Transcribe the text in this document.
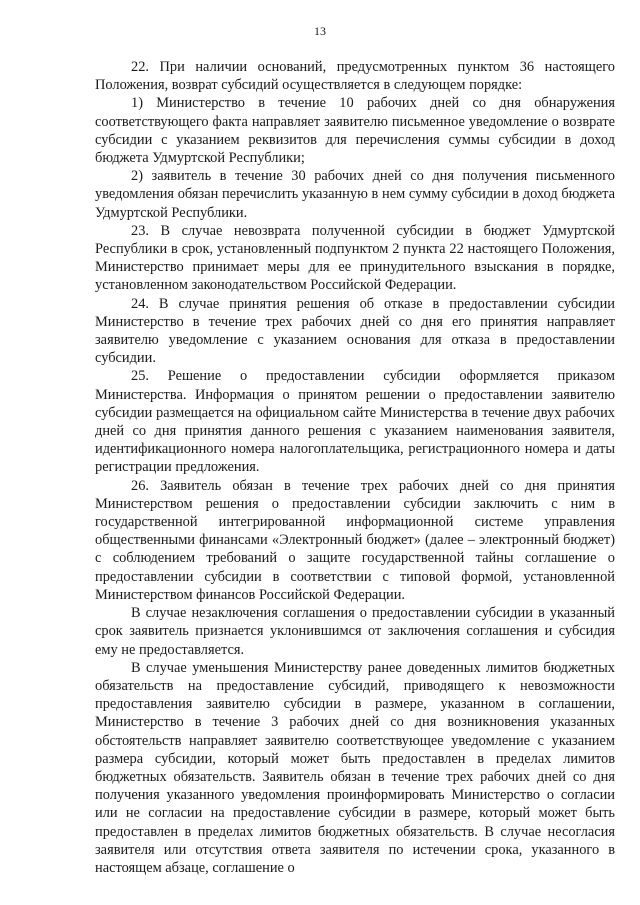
13

22. При наличии оснований, предусмотренных пунктом 36 настоящего Положения, возврат субсидий осуществляется в следующем порядке:

1) Министерство в течение 10 рабочих дней со дня обнаружения соответствующего факта направляет заявителю письменное уведомление о возврате субсидии с указанием реквизитов для перечисления суммы субсидии в доход бюджета Удмуртской Республики;

2) заявитель в течение 30 рабочих дней со дня получения письменного уведомления обязан перечислить указанную в нем сумму субсидии в доход бюджета Удмуртской Республики.

23. В случае невозврата полученной субсидии в бюджет Удмуртской Республики в срок, установленный подпунктом 2 пункта 22 настоящего Положения, Министерство принимает меры для ее принудительного взыскания в порядке, установленном законодательством Российской Федерации.

24. В случае принятия решения об отказе в предоставлении субсидии Министерство в течение трех рабочих дней со дня его принятия направляет заявителю уведомление с указанием основания для отказа в предоставлении субсидии.

25. Решение о предоставлении субсидии оформляется приказом Министерства. Информация о принятом решении о предоставлении заявителю субсидии размещается на официальном сайте Министерства в течение двух рабочих дней со дня принятия данного решения с указанием наименования заявителя, идентификационного номера налогоплательщика, регистрационного номера и даты регистрации предложения.

26. Заявитель обязан в течение трех рабочих дней со дня принятия Министерством решения о предоставлении субсидии заключить с ним в государственной интегрированной информационной системе управления общественными финансами «Электронный бюджет» (далее – электронный бюджет) с соблюдением требований о защите государственной тайны соглашение о предоставлении субсидии в соответствии с типовой формой, установленной Министерством финансов Российской Федерации.

В случае незаключения соглашения о предоставлении субсидии в указанный срок заявитель признается уклонившимся от заключения соглашения и субсидия ему не предоставляется.

В случае уменьшения Министерству ранее доведенных лимитов бюджетных обязательств на предоставление субсидий, приводящего к невозможности предоставления заявителю субсидии в размере, указанном в соглашении, Министерство в течение 3 рабочих дней со дня возникновения указанных обстоятельств направляет заявителю соответствующее уведомление с указанием размера субсидии, который может быть предоставлен в пределах лимитов бюджетных обязательств. Заявитель обязан в течение трех рабочих дней со дня получения указанного уведомления проинформировать Министерство о согласии или не согласии на предоставление субсидии в размере, который может быть предоставлен в пределах лимитов бюджетных обязательств. В случае несогласия заявителя или отсутствия ответа заявителя по истечении срока, указанного в настоящем абзаце, соглашение о
